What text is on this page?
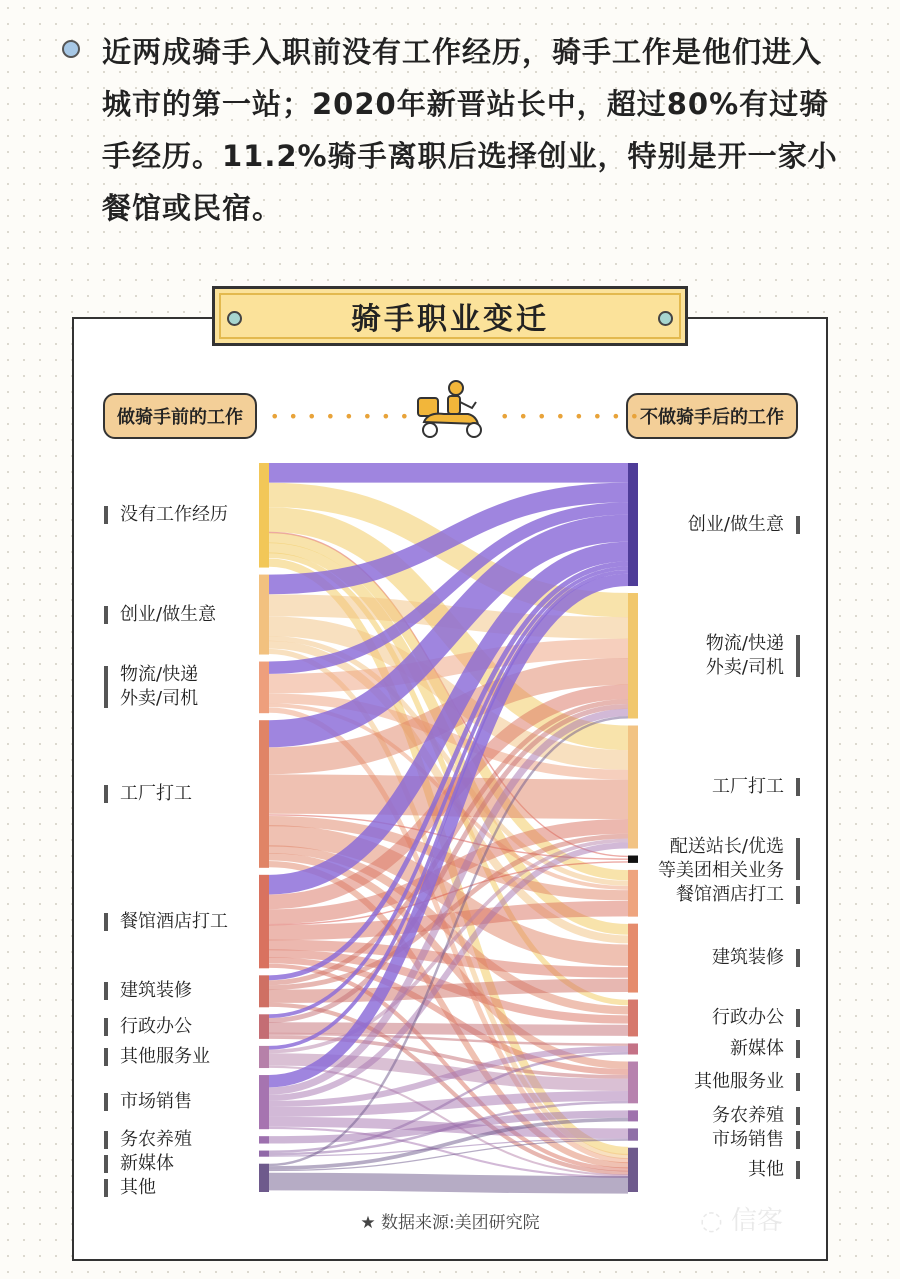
近两成骑手入职前没有工作经历，骑手工作是他们进入城市的第一站；2020年新晋站长中，超过80%有过骑手经历。11.2%骑手离职后选择创业，特别是开一家小餐馆或民宿。
骑手职业变迁
做骑手前的工作	不做骑手后的工作
• • • • • • • •	• • • • • • • •
没有工作经历
创业/做生意
物流/快递
外卖/司机
工厂打工
餐馆酒店打工
建筑装修
行政办公
其他服务业
市场销售
务农养殖
新媒体
其他
创业/做生意
物流/快递
外卖/司机
工厂打工
配送站长/优选
等美团相关业务
餐馆酒店打工
建筑装修
行政办公
新媒体
其他服务业
务农养殖
市场销售
其他
★ 数据来源:美团研究院	◌ 信客
